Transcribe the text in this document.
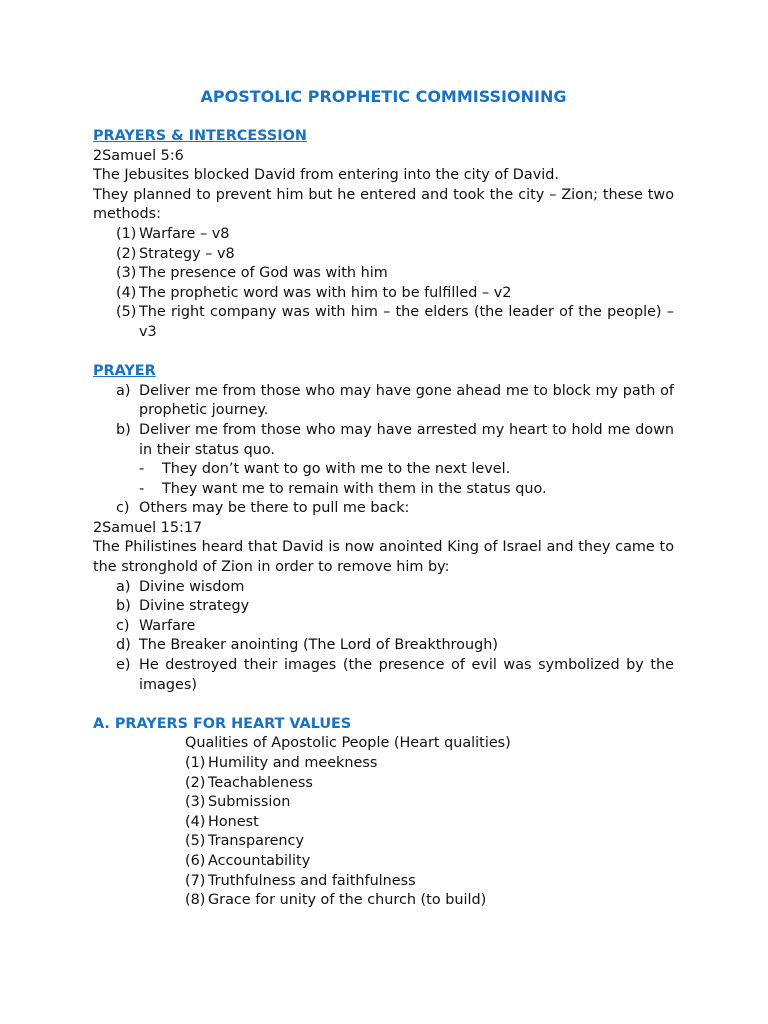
APOSTOLIC PROPHETIC COMMISSIONING
PRAYERS & INTERCESSION
2Samuel 5:6
The Jebusites blocked David from entering into the city of David.
They planned to prevent him but he entered and took the city – Zion; these two methods:
(1) Warfare – v8
(2) Strategy – v8
(3) The presence of God was with him
(4) The prophetic word was with him to be fulfilled – v2
(5) The right company was with him – the elders (the leader of the people) – v3
PRAYER
a) Deliver me from those who may have gone ahead me to block my path of prophetic journey.
b) Deliver me from those who may have arrested my heart to hold me down in their status quo.
-	They don’t want to go with me to the next level.
-	They want me to remain with them in the status quo.
c) Others may be there to pull me back:
2Samuel 15:17
The Philistines heard that David is now anointed King of Israel and they came to the stronghold of Zion in order to remove him by:
a) Divine wisdom
b) Divine strategy
c) Warfare
d) The Breaker anointing (The Lord of Breakthrough)
e) He destroyed their images (the presence of evil was symbolized by the images)
A. PRAYERS FOR HEART VALUES
Qualities of Apostolic People (Heart qualities)
(1) Humility and meekness
(2) Teachableness
(3) Submission
(4) Honest
(5) Transparency
(6) Accountability
(7) Truthfulness and faithfulness
(8) Grace for unity of the church (to build)
